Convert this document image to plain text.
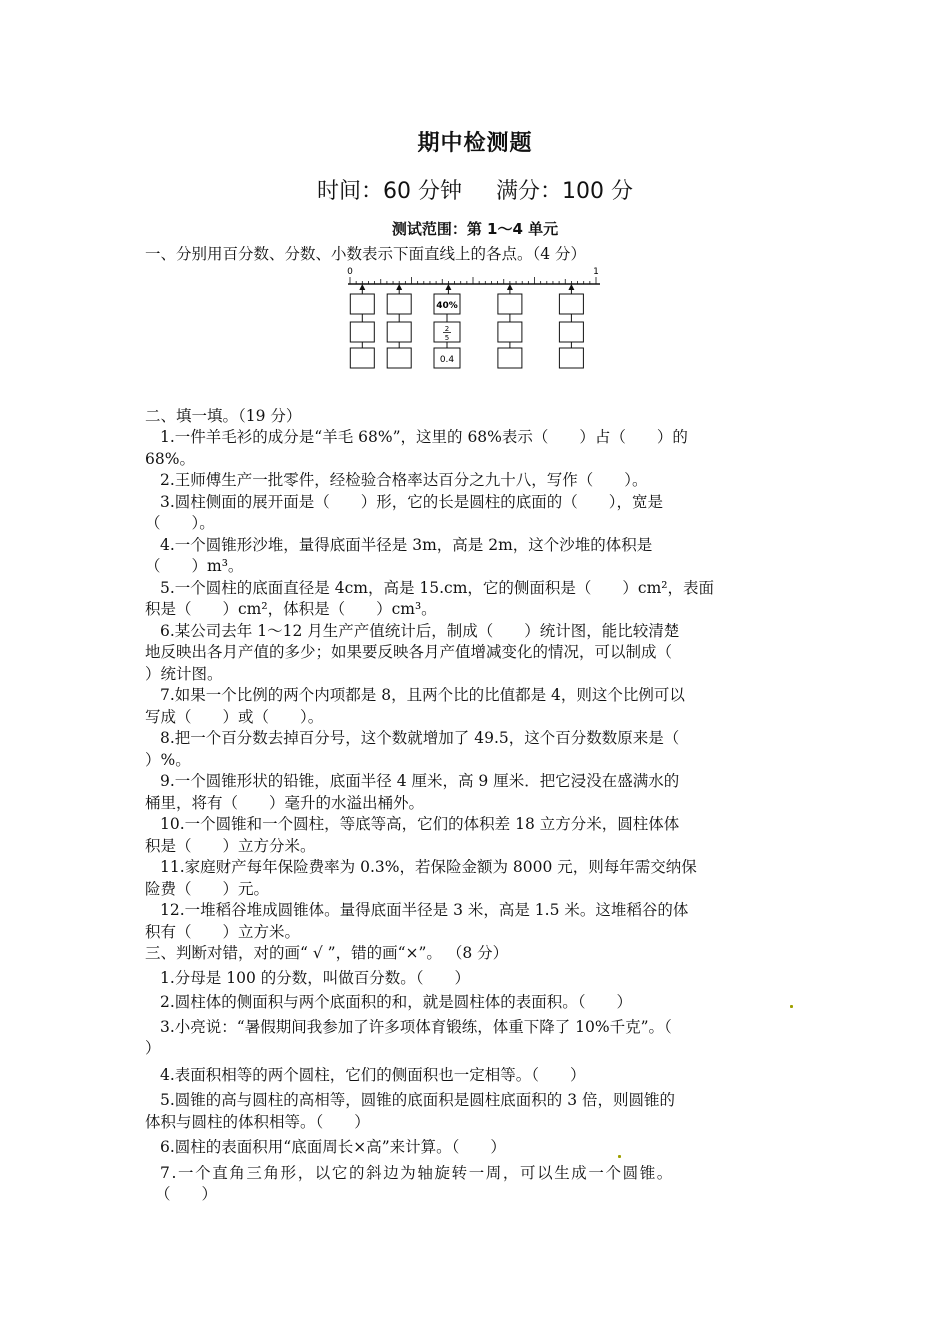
期中检测题
时间：60 分钟 满分：100 分
测试范围：第 1～4 单元
0	1
40%
2
5
0.4
一、分别用百分数、分数、小数表示下面直线上的各点。（4 分）
二、填一填。（19 分）
1.一件羊毛衫的成分是“羊毛 68%”，这里的 68%表示（　　）占（　　）的
68%。
2.王师傅生产一批零件，经检验合格率达百分之九十八，写作（　　）。
3.圆柱侧面的展开面是（　　）形，它的长是圆柱的底面的（　　），宽是
（　　）。
4.一个圆锥形沙堆，量得底面半径是 3m，高是 2m，这个沙堆的体积是
（　　）m³。
5.一个圆柱的底面直径是 4cm，高是 15.cm，它的侧面积是（　　）cm²，表面
积是（　　）cm²，体积是（　　）cm³。
6.某公司去年 1～12 月生产产值统计后，制成（　　）统计图，能比较清楚
地反映出各月产值的多少；如果要反映各月产值增减变化的情况，可以制成（
）统计图。
7.如果一个比例的两个内项都是 8，且两个比的比值都是 4，则这个比例可以
写成（　　）或（　　）。
8.把一个百分数去掉百分号，这个数就增加了 49.5，这个百分数数原来是（
）%。
9.一个圆锥形状的铅锥，底面半径 4 厘米，高 9 厘米．把它浸没在盛满水的
桶里，将有（　　）毫升的水溢出桶外。
10.一个圆锥和一个圆柱，等底等高，它们的体积差 18 立方分米，圆柱体体
积是（　　）立方分米。
11.家庭财产每年保险费率为 0.3%，若保险金额为 8000 元，则每年需交纳保
险费（　　）元。
12.一堆稻谷堆成圆锥体。量得底面半径是 3 米，高是 1.5 米。这堆稻谷的体
积有（　　）立方米。
三、判断对错，对的画“ √ ”，错的画“×”。 （8 分）
1.分母是 100 的分数，叫做百分数。（　　）
2.圆柱体的侧面积与两个底面积的和，就是圆柱体的表面积。（　　）
3.小亮说：“暑假期间我参加了许多项体育锻练，体重下降了 10%千克”。（
）
4.表面积相等的两个圆柱，它们的侧面积也一定相等。（　　）
5.圆锥的高与圆柱的高相等，圆锥的底面积是圆柱底面积的 3 倍，则圆锥的
体积与圆柱的体积相等。（　　）
6.圆柱的表面积用“底面周长×高”来计算。（　　）
7.一个直角三角形，以它的斜边为轴旋转一周，可以生成一个圆锥。
（　　）
